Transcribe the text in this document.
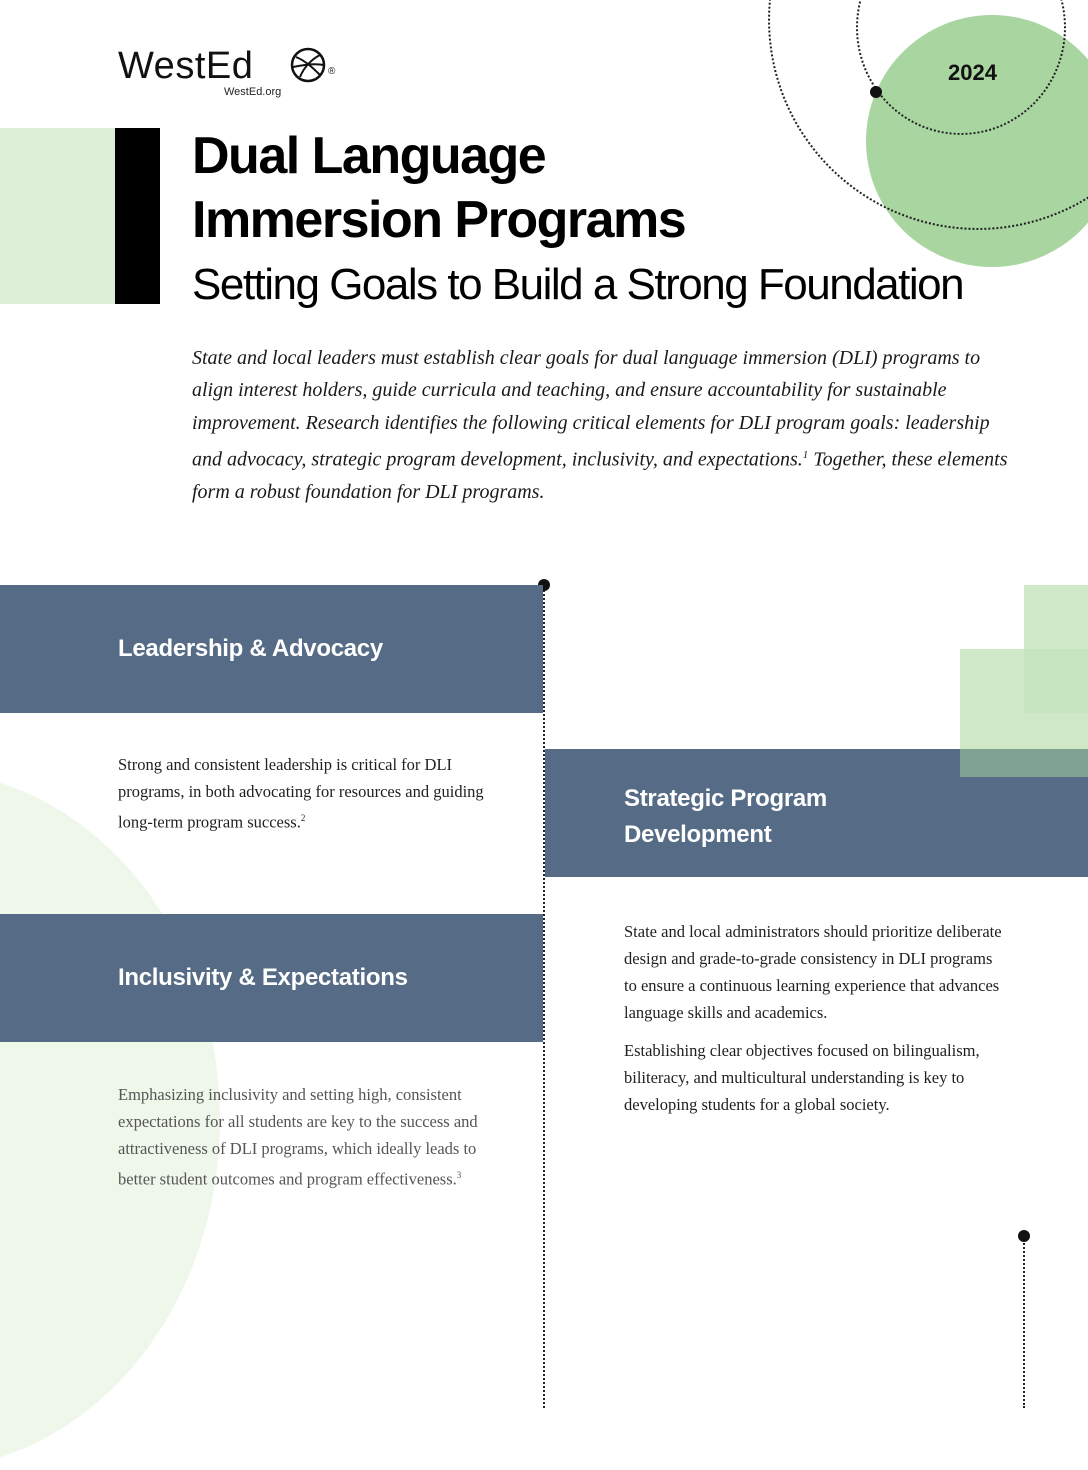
WestEd	®
WestEd.org
2024
Dual Language
Immersion Programs
Setting Goals to Build a Strong Foundation

State and local leaders must establish clear goals for dual language immersion (DLI) programs to align interest holders, guide curricula and teaching, and ensure accountability for sustainable improvement. Research identifies the following critical elements for DLI program goals: leadership and advocacy, strategic program development, inclusivity, and expectations.$^1$ Together, these elements form a robust foundation for DLI programs.

Leadership & Advocacy

Strong and consistent leadership is critical for DLI programs, in both advocating for resources and guiding long-term program success.$^2$

Strategic Program
Development

State and local administrators should prioritize deliberate design and grade-to-grade consistency in DLI programs to ensure a continuous learning experience that advances language skills and academics.

Establishing clear objectives focused on bilingualism, biliteracy, and multicultural understanding is key to developing students for a global society.

Inclusivity & Expectations

Emphasizing inclusivity and setting high, consistent expectations for all students are key to the success and attractiveness of DLI programs, which ideally leads to better student outcomes and program effectiveness.$^3$
